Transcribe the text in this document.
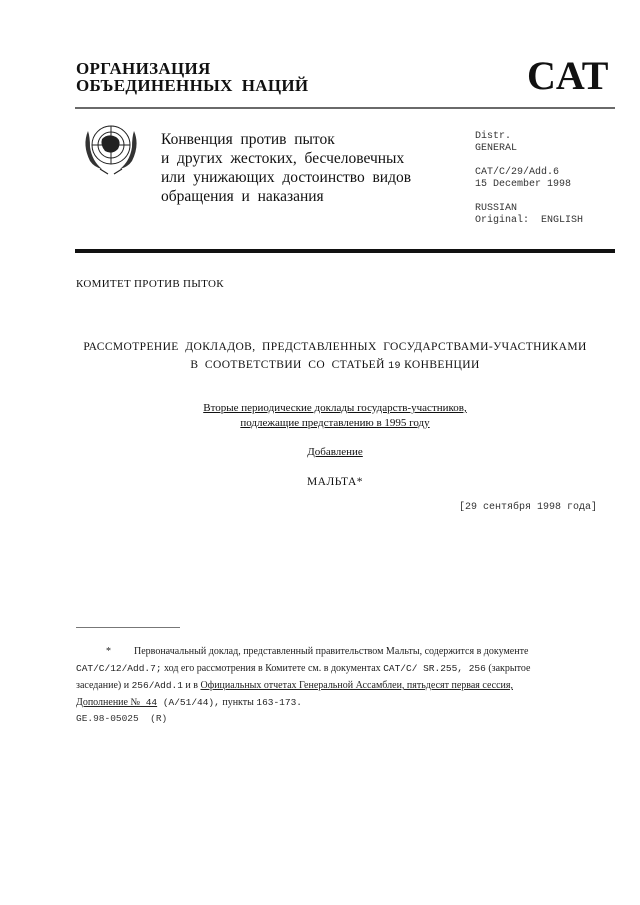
ОРГАНИЗАЦИЯ
ОБЪЕДИНЕННЫХ  НАЦИЙ	CAT
Конвенция  против  пыток
и  других  жестоких,  бесчеловечных
или  унижающих  достоинство  видов
обращения  и  наказания
Distr.
GENERAL
CAT/C/29/Add.6
15 December 1998
RUSSIAN
Original:  ENGLISH
КОМИТЕТ ПРОТИВ ПЫТОК
РАССМОТРЕНИЕ  ДОКЛАДОВ,  ПРЕДСТАВЛЕННЫХ  ГОСУДАРСТВАМИ-УЧАСТНИКАМИ
В  СООТВЕТСТВИИ  СО  СТАТЬЕЙ 19 КОНВЕНЦИИ
Вторые периодические доклады государств-участников,
подлежащие представлению в 1995 году
Добавление
МАЛЬТА*
[29 сентября 1998 года]
* Первоначальный доклад, представленный правительством Мальты, содержится в документе CAT/C/12/Add.7; ход его рассмотрения в Комитете см. в документах CAT/C/ SR.255, 256 (закрытое заседание) и 256/Add.1 и в Официальных отчетах Генеральной Ассамблеи, пятьдесят первая сессия, Дополнение № 44 (A/51/44), пункты 163-173.
GE.98-05025  (R)
